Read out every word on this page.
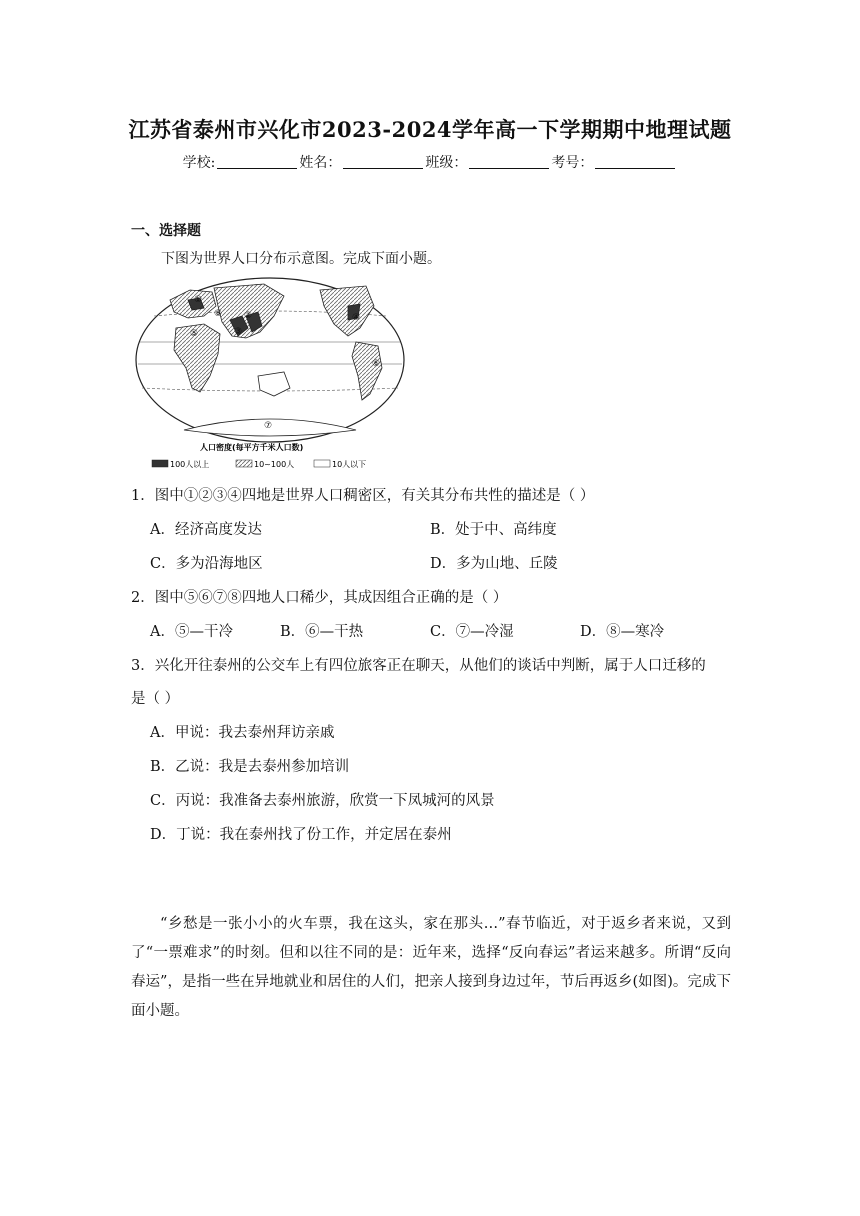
江苏省泰州市兴化市2023-2024学年高一下学期期中地理试题
学校:	姓名：	班级：	考号：
一、选择题
下图为世界人口分布示意图。完成下面小题。
①
⑧ ②
③
⑤
④
⑥
⑦
人口密度(每平方千米人口数)
100人以上	10~100人	10人以下
1．图中①②③④四地是世界人口稠密区，有关其分布共性的描述是（ ）
A．经济高度发达	B．处于中、高纬度
C．多为沿海地区	D．多为山地、丘陵
2．图中⑤⑥⑦⑧四地人口稀少，其成因组合正确的是（ ）
A．⑤—干冷	B．⑥—干热	C．⑦—冷湿	D．⑧—寒冷
3．兴化开往泰州的公交车上有四位旅客正在聊天，从他们的谈话中判断，属于人口迁移的
是（ ）
A．甲说：我去泰州拜访亲戚
B．乙说：我是去泰州参加培训
C．丙说：我准备去泰州旅游，欣赏一下凤城河的风景
D．丁说：我在泰州找了份工作，并定居在泰州
“乡愁是一张小小的火车票，我在这头，家在那头…”春节临近，对于返乡者来说，又到了“一票难求”的时刻。但和以往不同的是：近年来，选择“反向春运”者运来越多。所谓“反向春运”，是指一些在异地就业和居住的人们，把亲人接到身边过年，节后再返乡(如图)。完成下面小题。
